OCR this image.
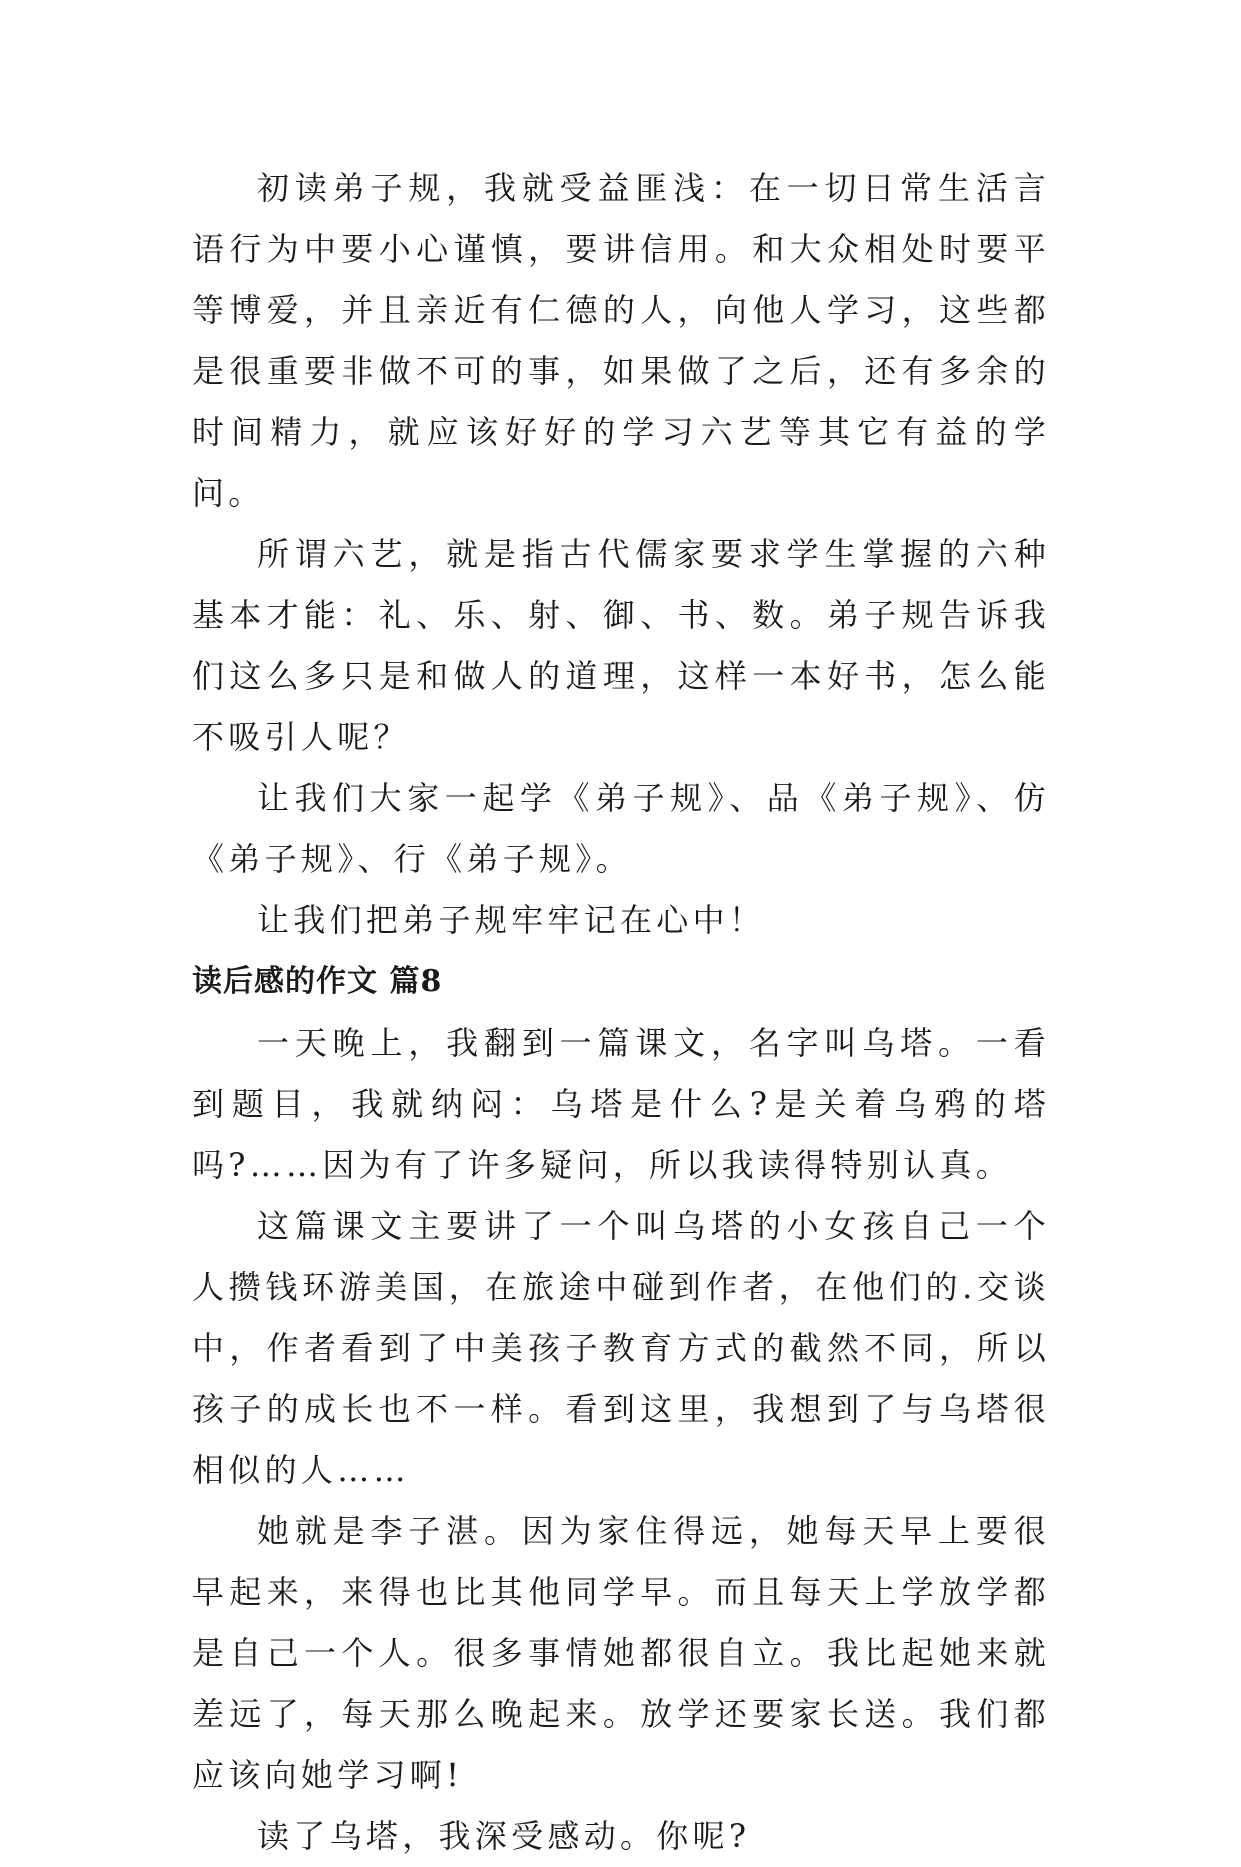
初读弟子规，我就受益匪浅：在一切日常生活言语行为中要小心谨慎，要讲信用。和大众相处时要平等博爱，并且亲近有仁德的人，向他人学习，这些都是很重要非做不可的事，如果做了之后，还有多余的时间精力，就应该好好的学习六艺等其它有益的学问。

所谓六艺，就是指古代儒家要求学生掌握的六种基本才能：礼、乐、射、御、书、数。弟子规告诉我们这么多只是和做人的道理，这样一本好书，怎么能不吸引人呢？

让我们大家一起学《弟子规》、品《弟子规》、仿《弟子规》、行《弟子规》。

让我们把弟子规牢牢记在心中！

读后感的作文 篇8

一天晚上，我翻到一篇课文，名字叫乌塔。一看到题目，我就纳闷：乌塔是什么?是关着乌鸦的塔吗?……因为有了许多疑问，所以我读得特别认真。

这篇课文主要讲了一个叫乌塔的小女孩自己一个人攒钱环游美国，在旅途中碰到作者，在他们的.交谈中，作者看到了中美孩子教育方式的截然不同，所以孩子的成长也不一样。看到这里，我想到了与乌塔很相似的人……

她就是李子湛。因为家住得远，她每天早上要很早起来，来得也比其他同学早。而且每天上学放学都是自己一个人。很多事情她都很自立。我比起她来就差远了，每天那么晚起来。放学还要家长送。我们都应该向她学习啊!

读了乌塔，我深受感动。你呢?
